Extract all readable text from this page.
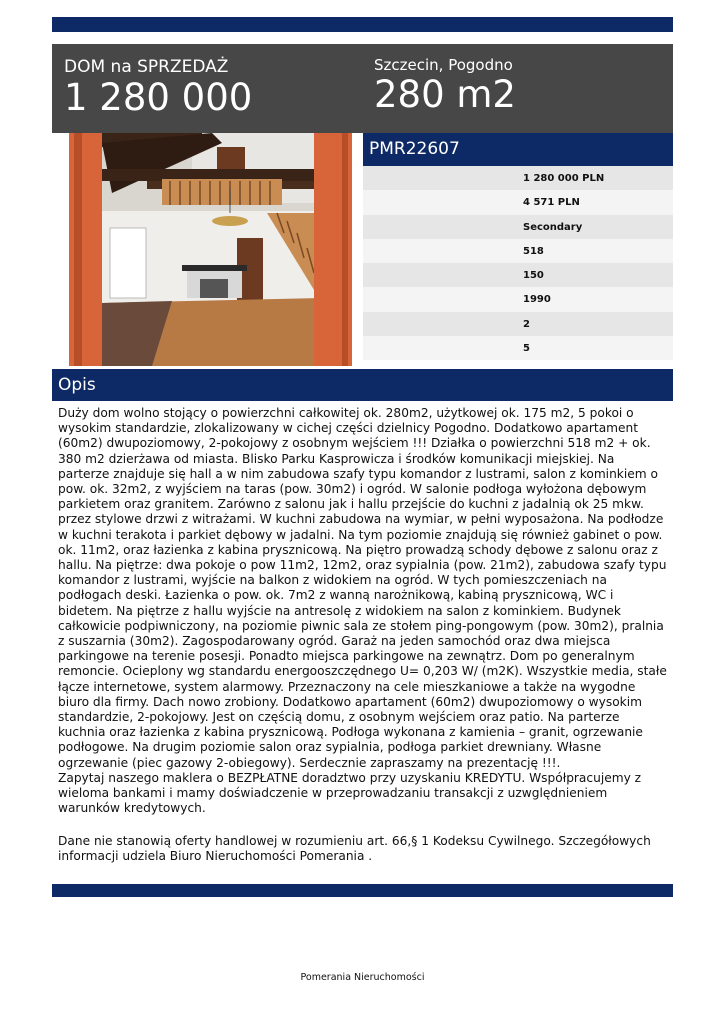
DOM na SPRZEDAŻ
1 280 000
Szczecin, Pogodno
280 m2
PMR22607
1 280 000 PLN
4 571 PLN
Secondary
518
150
1990
2
5
Opis

Duży dom wolno stojący o powierzchni całkowitej ok. 280m2, użytkowej ok. 175 m2, 5 pokoi o wysokim standardzie, zlokalizowany w cichej części dzielnicy Pogodno. Dodatkowo apartament (60m2) dwupoziomowy, 2-pokojowy z osobnym wejściem !!! Działka o powierzchni 518 m2 + ok. 380 m2 dzierżawa od miasta. Blisko Parku Kasprowicza i środków komunikacji miejskiej. Na parterze znajduje się hall a w nim zabudowa szafy typu komandor z lustrami, salon z kominkiem o pow. ok. 32m2, z wyjściem na taras (pow. 30m2) i ogród. W salonie podłoga wyłożona dębowym parkietem oraz granitem. Zarówno z salonu jak i hallu przejście do kuchni z jadalnią ok 25 mkw. przez stylowe drzwi z witrażami. W kuchni zabudowa na wymiar, w pełni wyposażona. Na podłodze w kuchni terakota i parkiet dębowy w jadalni. Na tym poziomie znajdują się również gabinet o pow. ok. 11m2, oraz łazienka z kabina prysznicową. Na piętro prowadzą schody dębowe z salonu oraz z hallu. Na piętrze: dwa pokoje o pow 11m2, 12m2, oraz sypialnia (pow. 21m2), zabudowa szafy typu komandor z lustrami, wyjście na balkon z widokiem na ogród. W tych pomieszczeniach na podłogach deski. Łazienka o pow. ok. 7m2 z wanną narożnikową, kabiną prysznicową, WC i bidetem. Na piętrze z hallu wyjście na antresolę z widokiem na salon z kominkiem. Budynek całkowicie podpiwniczony, na poziomie piwnic sala ze stołem ping-pongowym (pow. 30m2), pralnia z suszarnia (30m2). Zagospodarowany ogród. Garaż na jeden samochód oraz dwa miejsca parkingowe na terenie posesji. Ponadto miejsca parkingowe na zewnątrz. Dom po generalnym remoncie. Ocieplony wg standardu energooszczędnego U= 0,203 W/ (m2K). Wszystkie media, stałe łącze internetowe, system alarmowy. Przeznaczony na cele mieszkaniowe a także na wygodne biuro dla firmy. Dach nowo zrobiony. Dodatkowo apartament (60m2) dwupoziomowy o wysokim standardzie, 2-pokojowy. Jest on częścią domu, z osobnym wejściem oraz patio. Na parterze kuchnia oraz łazienka z kabina prysznicową. Podłoga wykonana z kamienia – granit, ogrzewanie podłogowe. Na drugim poziomie salon oraz sypialnia, podłoga parkiet drewniany. Własne ogrzewanie (piec gazowy 2-obiegowy). Serdecznie zapraszamy na prezentację !!!.

Zapytaj naszego maklera o BEZPŁATNE doradztwo przy uzyskaniu KREDYTU. Współpracujemy z wieloma bankami i mamy doświadczenie w przeprowadzaniu transakcji z uzwględnieniem warunków kredytowych.

Dane nie stanowią oferty handlowej w rozumieniu art. 66,§ 1 Kodeksu Cywilnego. Szczegółowych informacji udziela Biuro Nieruchomości Pomerania .
Pomerania Nieruchomości
